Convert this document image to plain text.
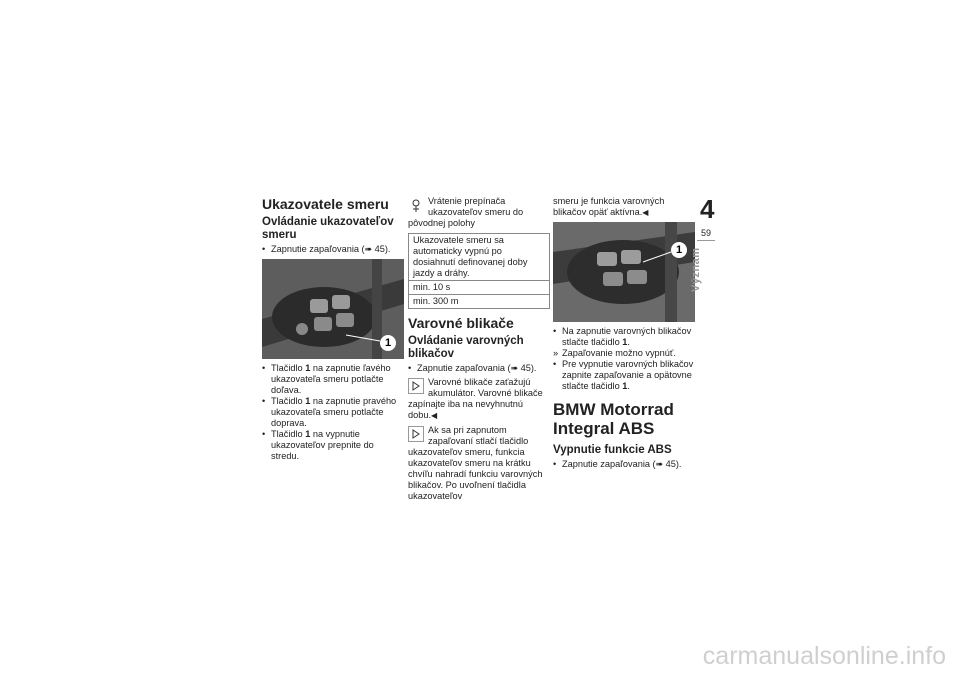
Ukazovatele smeru
Ovládanie ukazovateľov smeru
• Zapnutie zapaľovania (➠ 45).
1
• Tlačidlo 1 na zapnutie ľavého ukazovateľa smeru potlačte doľava.
• Tlačidlo 1 na zapnutie pravého ukazovateľa smeru potlačte doprava.
• Tlačidlo 1 na vypnutie ukazovateľov prepnite do stredu.

Vrátenie prepínača ukazovateľov smeru do pôvodnej polohy

Ukazovatele smeru sa automaticky vypnú po dosiahnutí definovanej doby jazdy a dráhy.
min. 10 s
min. 300 m
Varovné blikače
Ovládanie varovných blikačov
• Zapnutie zapaľovania (➠ 45).

Varovné blikače zaťažujú akumulátor. Varovné blikače zapínajte iba na nevyhnutnú dobu.◀

Ak sa pri zapnutom zapaľovaní stlačí tlačidlo ukazovateľov smeru, funkcia ukazovateľov smeru na krátku chvíľu nahradí funkciu varovných blikačov. Po uvoľnení tlačidla ukazovateľov

smeru je funkcia varovných blikačov opäť aktívna.◀

1
• Na zapnutie varovných blikačov stlačte tlačidlo 1.
» Zapaľovanie možno vypnúť.
• Pre vypnutie varovných blikačov zapnite zapaľovanie a opätovne stlačte tlačidlo 1.
BMW Motorrad Integral ABS
Vypnutie funkcie ABS
• Zapnutie zapaľovania (➠ 45).
4
59
Význam
carmanualsonline.info
